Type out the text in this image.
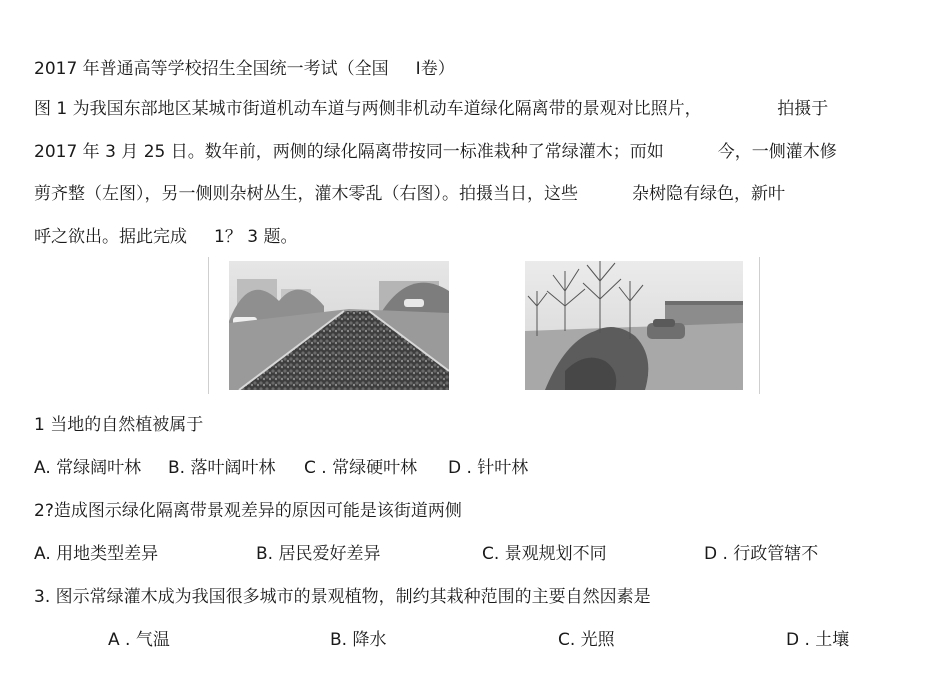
2017 年普通高等学校招生全国统一考试（全国     Ⅰ卷）
图 1 为我国东部地区某城市街道机动车道与两侧非机动车道绿化隔离带的景观对比照片，              拍摄于
2017 年 3 月 25 日。数年前，两侧的绿化隔离带按同一标准栽种了常绿灌木；而如          今，一侧灌木修
剪齐整（左图），另一侧则杂树丛生，灌木零乱（右图）。拍摄当日，这些          杂树隐有绿色，新叶
呼之欲出。据此完成     1？ 3 题。
1 当地的自然植被属于
A. 常绿阔叶林 B. 落叶阔叶林 C . 常绿硬叶林 D . 针叶林
2?造成图示绿化隔离带景观差异的原因可能是该街道两侧
A. 用地类型差异	B. 居民爱好差异	C. 景观规划不同	D . 行政管辖不
3. 图示常绿灌木成为我国很多城市的景观植物，制约其栽种范围的主要自然因素是
A . 气温	B. 降水	C. 光照	D . 土壤
